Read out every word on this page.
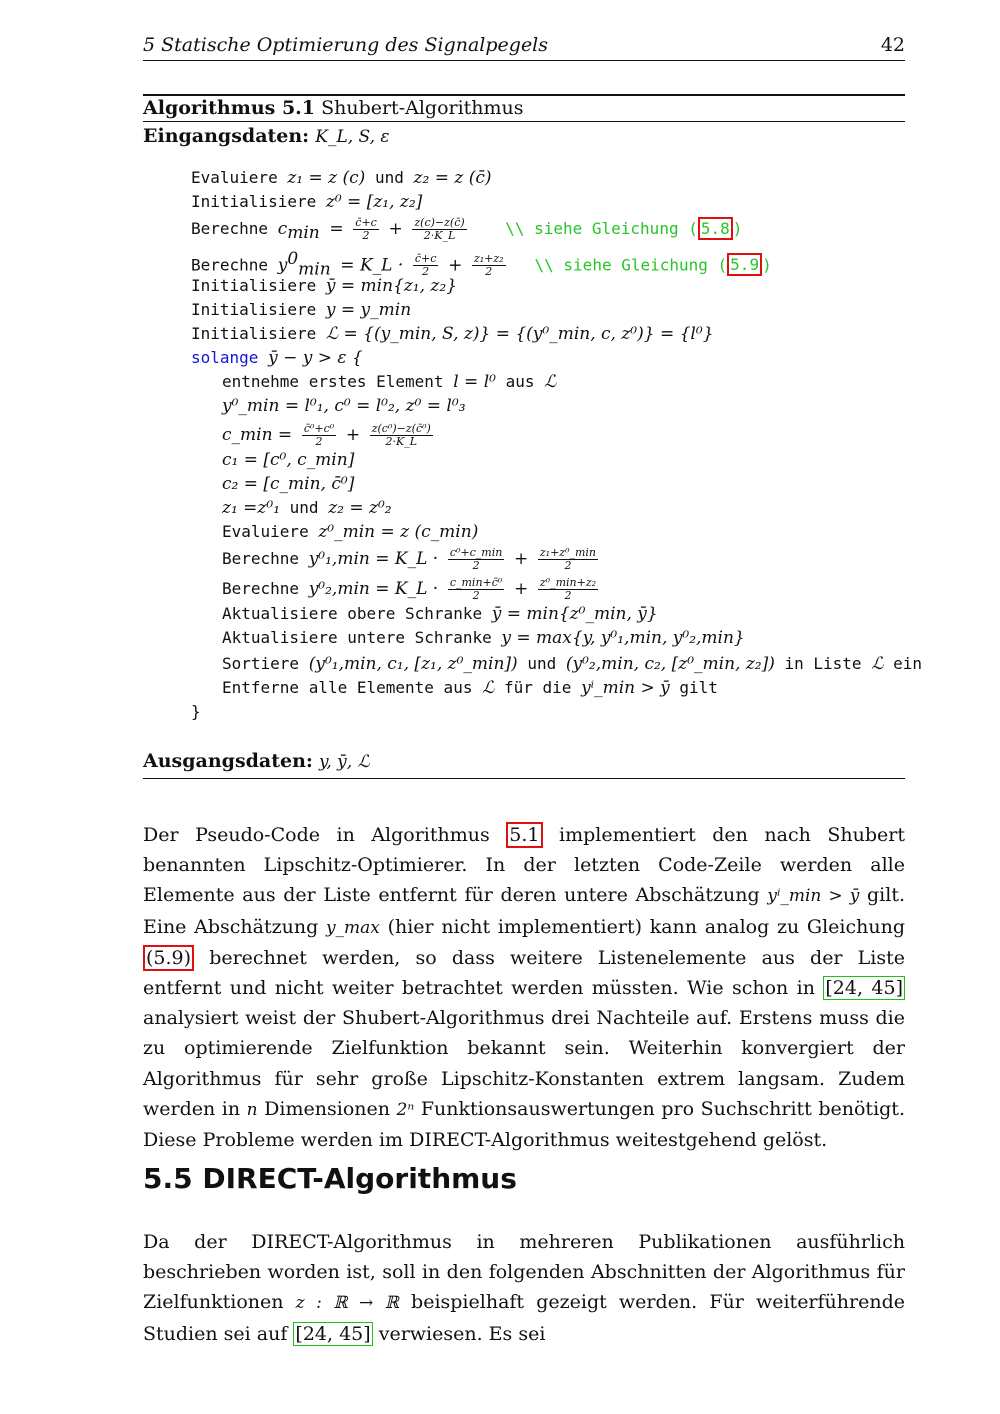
5 Statische Optimierung des Signalpegels	42
Algorithmus 5.1 Shubert-Algorithmus
Eingangsdaten: K_L, S, ε
Evaluiere z₁ = z (c) und z₂ = z (c̄)
Initialisiere z⁰ = [z₁, z₂]
Berechne $c_{min} = \frac{c̄+c}{2} + \frac{z(c)-z(c̄)}{2\cdot K\_L}$ \\ siehe Gleichung ( 5.8 )
Berechne $y^0_{min}$ = K_L · $\frac{c̄+c}{2} + \frac{\text{z₁+z₂}}{2}$ \\ siehe Gleichung ( 5.9 )
Initialisiere ȳ = min{z₁, z₂}
Initialisiere y = y_min
Initialisiere ℒ = {(y_min, S, z)} = {(y⁰_min, c, z⁰)} = {l⁰}
solange ȳ − y > ε {
entnehme erstes Element l = l⁰ aus ℒ
y⁰_min = l⁰₁, c⁰ = l⁰₂, z⁰ = l⁰₃
c_min = $\frac{\text{c̄⁰+c⁰}}{2} + \frac{\text{z(c⁰)−z(c̄⁰)}}{2\cdot K\_L}$
c₁ = [c⁰, c_min]
c₂ = [c_min, c̄⁰]
z₁ =z⁰₁ und z₂ = z⁰₂
Evaluiere z⁰_min = z (c_min)
Berechne y⁰₁,min = K_L · $\frac{\text{c⁰+c\_min}}{2} + \frac{\text{z₁+z⁰\_min}}{2}$
Berechne y⁰₂,min = K_L · $\frac{\text{c\_min+c̄⁰}}{2} + \frac{\text{z⁰\_min+z₂}}{2}$
Aktualisiere obere Schranke ȳ = min{z⁰_min, ȳ}
Aktualisiere untere Schranke y = max{y, y⁰₁,min, y⁰₂,min}
Sortiere (y⁰₁,min, c₁, [z₁, z⁰_min]) und (y⁰₂,min, c₂, [z⁰_min, z₂]) in Liste ℒ ein
Entferne alle Elemente aus ℒ für die yⁱ_min > ȳ gilt
}
Ausgangsdaten: y, ȳ, ℒ

Der Pseudo-Code in Algorithmus 5.1 implementiert den nach Shubert benannten Lipschitz-Optimierer. In der letzten Code-Zeile werden alle Elemente aus der Liste entfernt für deren untere Abschätzung yⁱ_min > ȳ gilt. Eine Abschätzung y_max (hier nicht implementiert) kann analog zu Gleichung (5.9) berechnet werden, so dass weitere Listenelemente aus der Liste entfernt und nicht weiter betrachtet werden müssten. Wie schon in [24, 45] analysiert weist der Shubert-Algorithmus drei Nachteile auf. Erstens muss die zu optimierende Zielfunktion bekannt sein. Weiterhin konvergiert der Algorithmus für sehr große Lipschitz-Konstanten extrem langsam. Zudem werden in n Dimensionen 2ⁿ Funktionsauswertungen pro Suchschritt benötigt. Diese Probleme werden im DIRECT-Algorithmus weitestgehend gelöst.

5.5 DIRECT-Algorithmus

Da der DIRECT-Algorithmus in mehreren Publikationen ausführlich beschrieben worden ist, soll in den folgenden Abschnitten der Algorithmus für Zielfunktionen z : ℝ → ℝ beispielhaft gezeigt werden. Für weiterführende Studien sei auf [24, 45] verwiesen. Es sei
